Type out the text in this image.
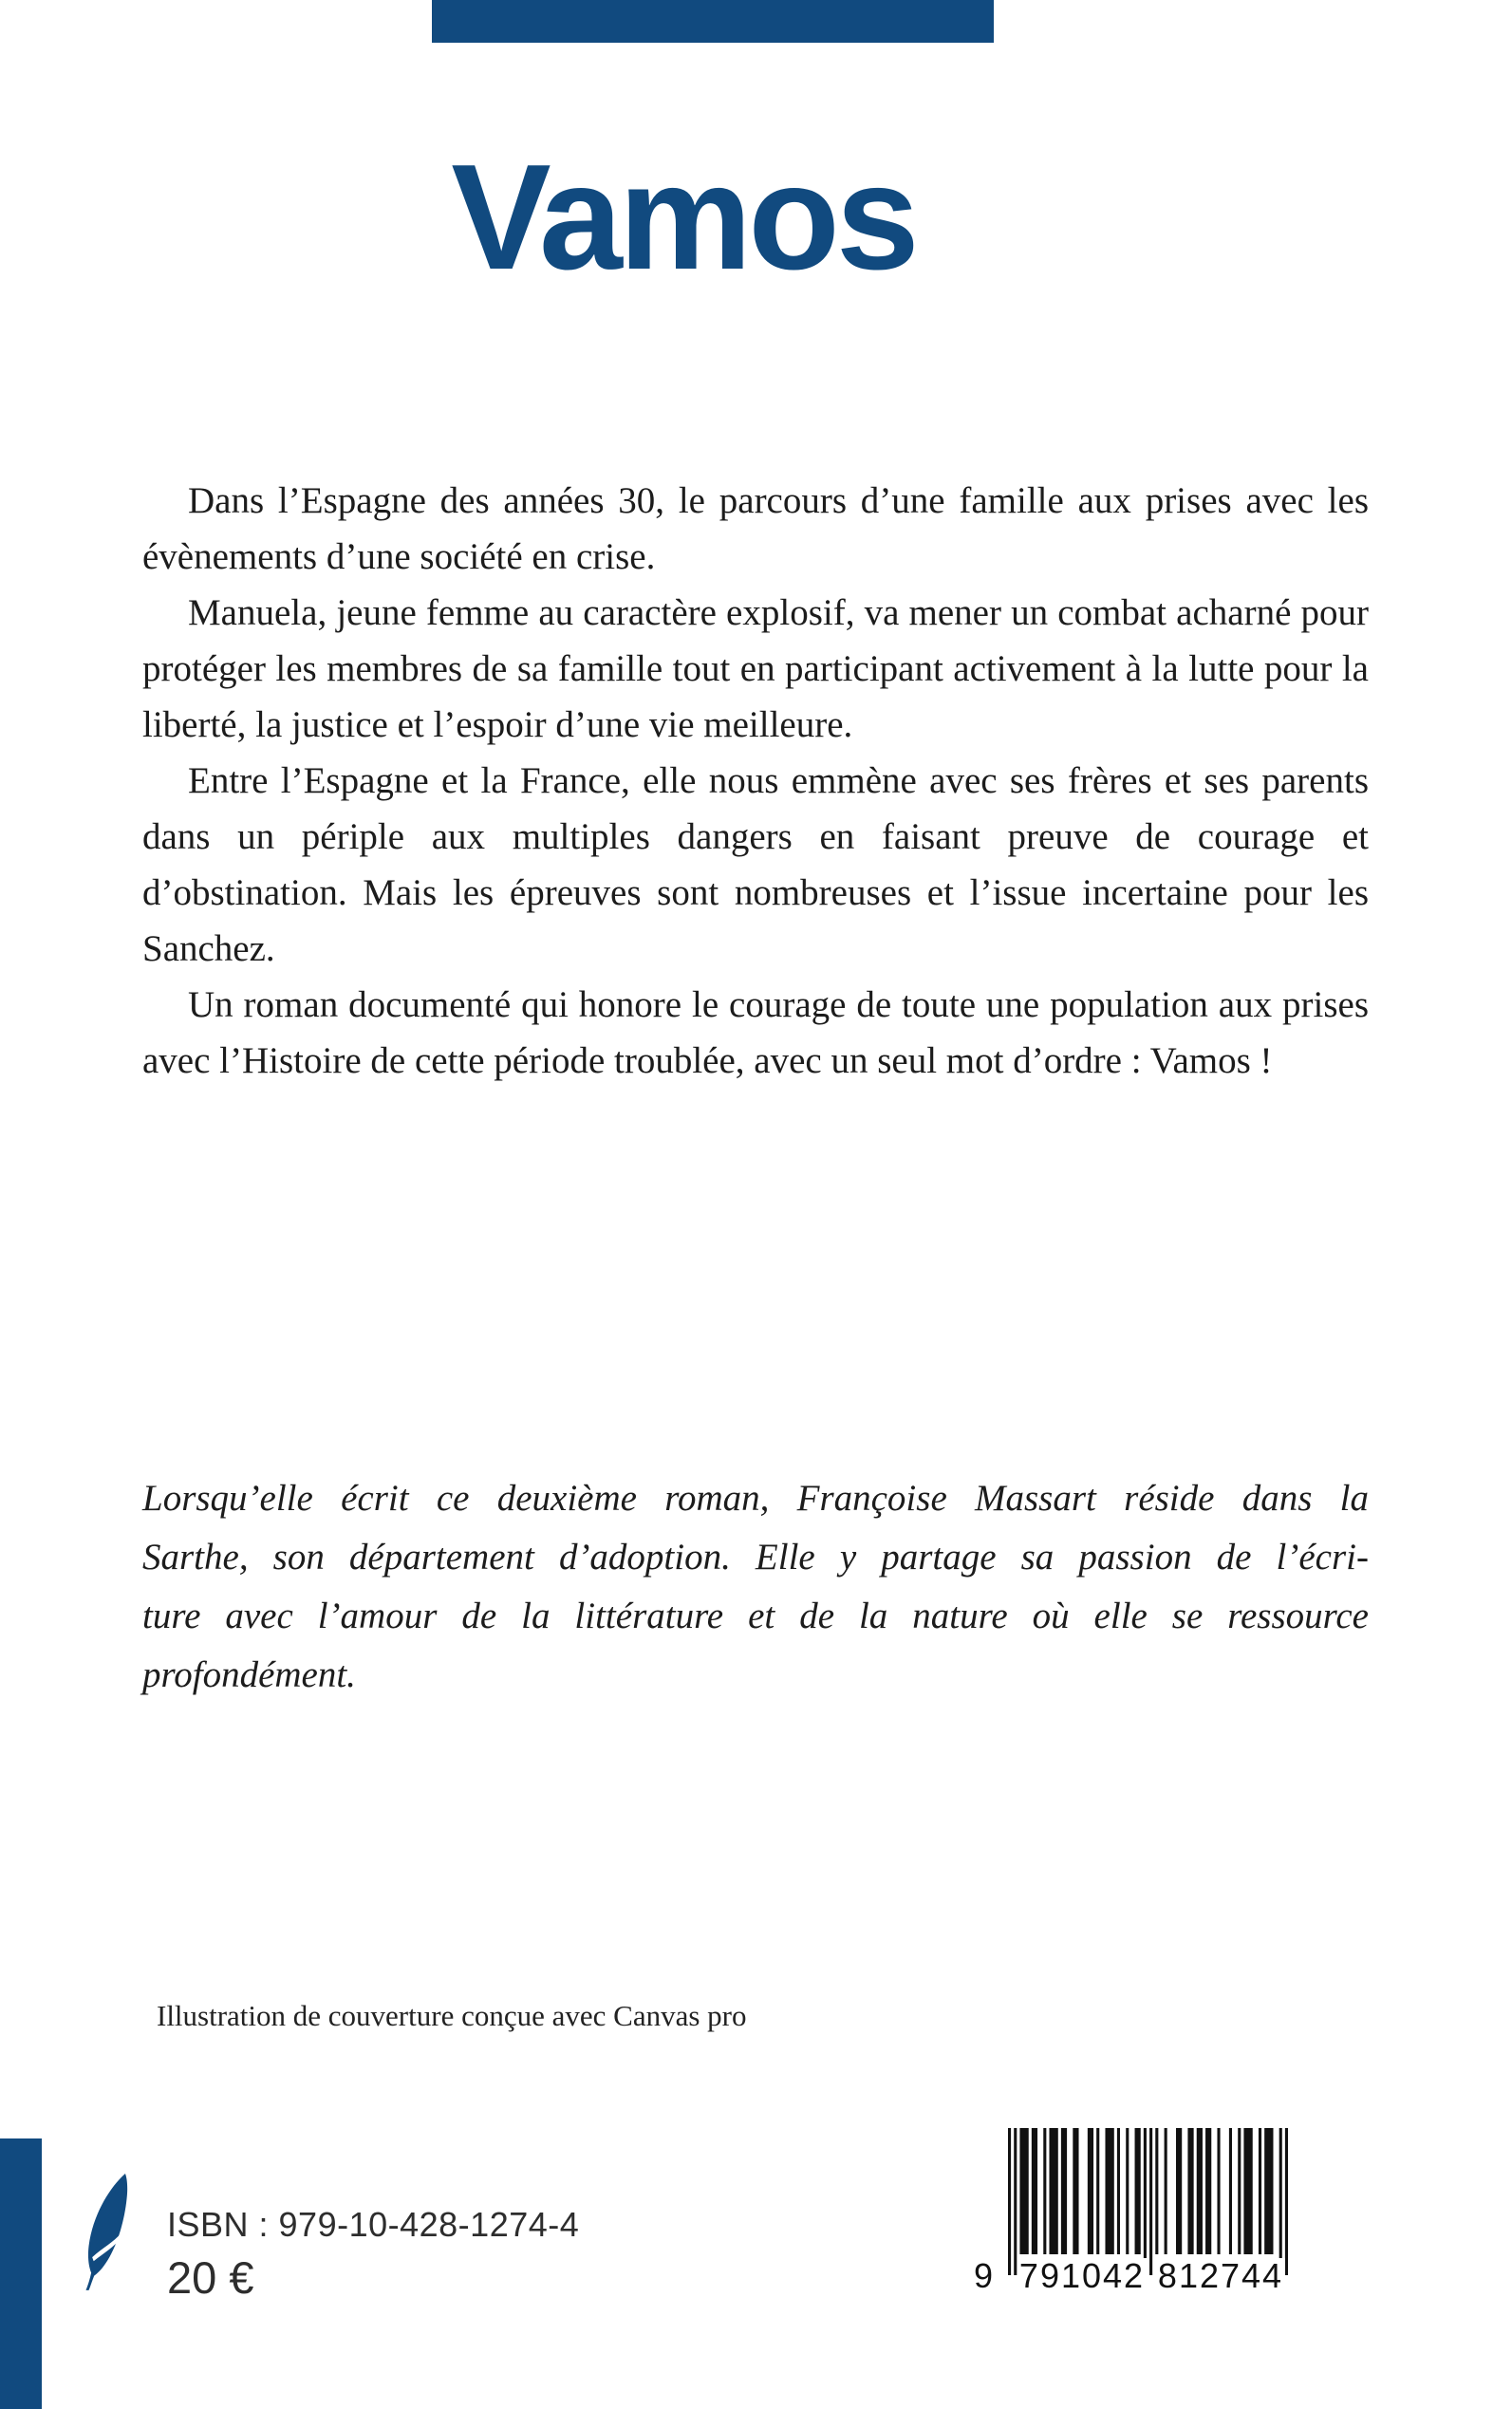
Vamos

Dans l’Espagne des années 30, le parcours d’une famille aux prises avec les évènements d’une société en crise.

Manuela, jeune femme au caractère explosif, va mener un combat acharné pour protéger les membres de sa famille tout en participant activement à la lutte pour la liberté, la justice et l’espoir d’une vie meilleure.

Entre l’Espagne et la France, elle nous emmène avec ses frères et ses parents dans un périple aux multiples dangers en faisant preuve de courage et d’obstination. Mais les épreuves sont nombreuses et l’issue incertaine pour les Sanchez.

Un roman documenté qui honore le courage de toute une population aux prises avec l’Histoire de cette période troublée, avec un seul mot d’ordre : Vamos !

Lorsqu’elle écrit ce deuxième roman, Françoise Massart réside dans la
Sarthe, son département d’adoption. Elle y partage sa passion de l’écri-
ture avec l’amour de la littérature et de la nature où elle se ressource
profondément.
Illustration de couverture conçue avec Canvas pro
ISBN : 979-10-428-1274-4
20 €	9 791042 812744
